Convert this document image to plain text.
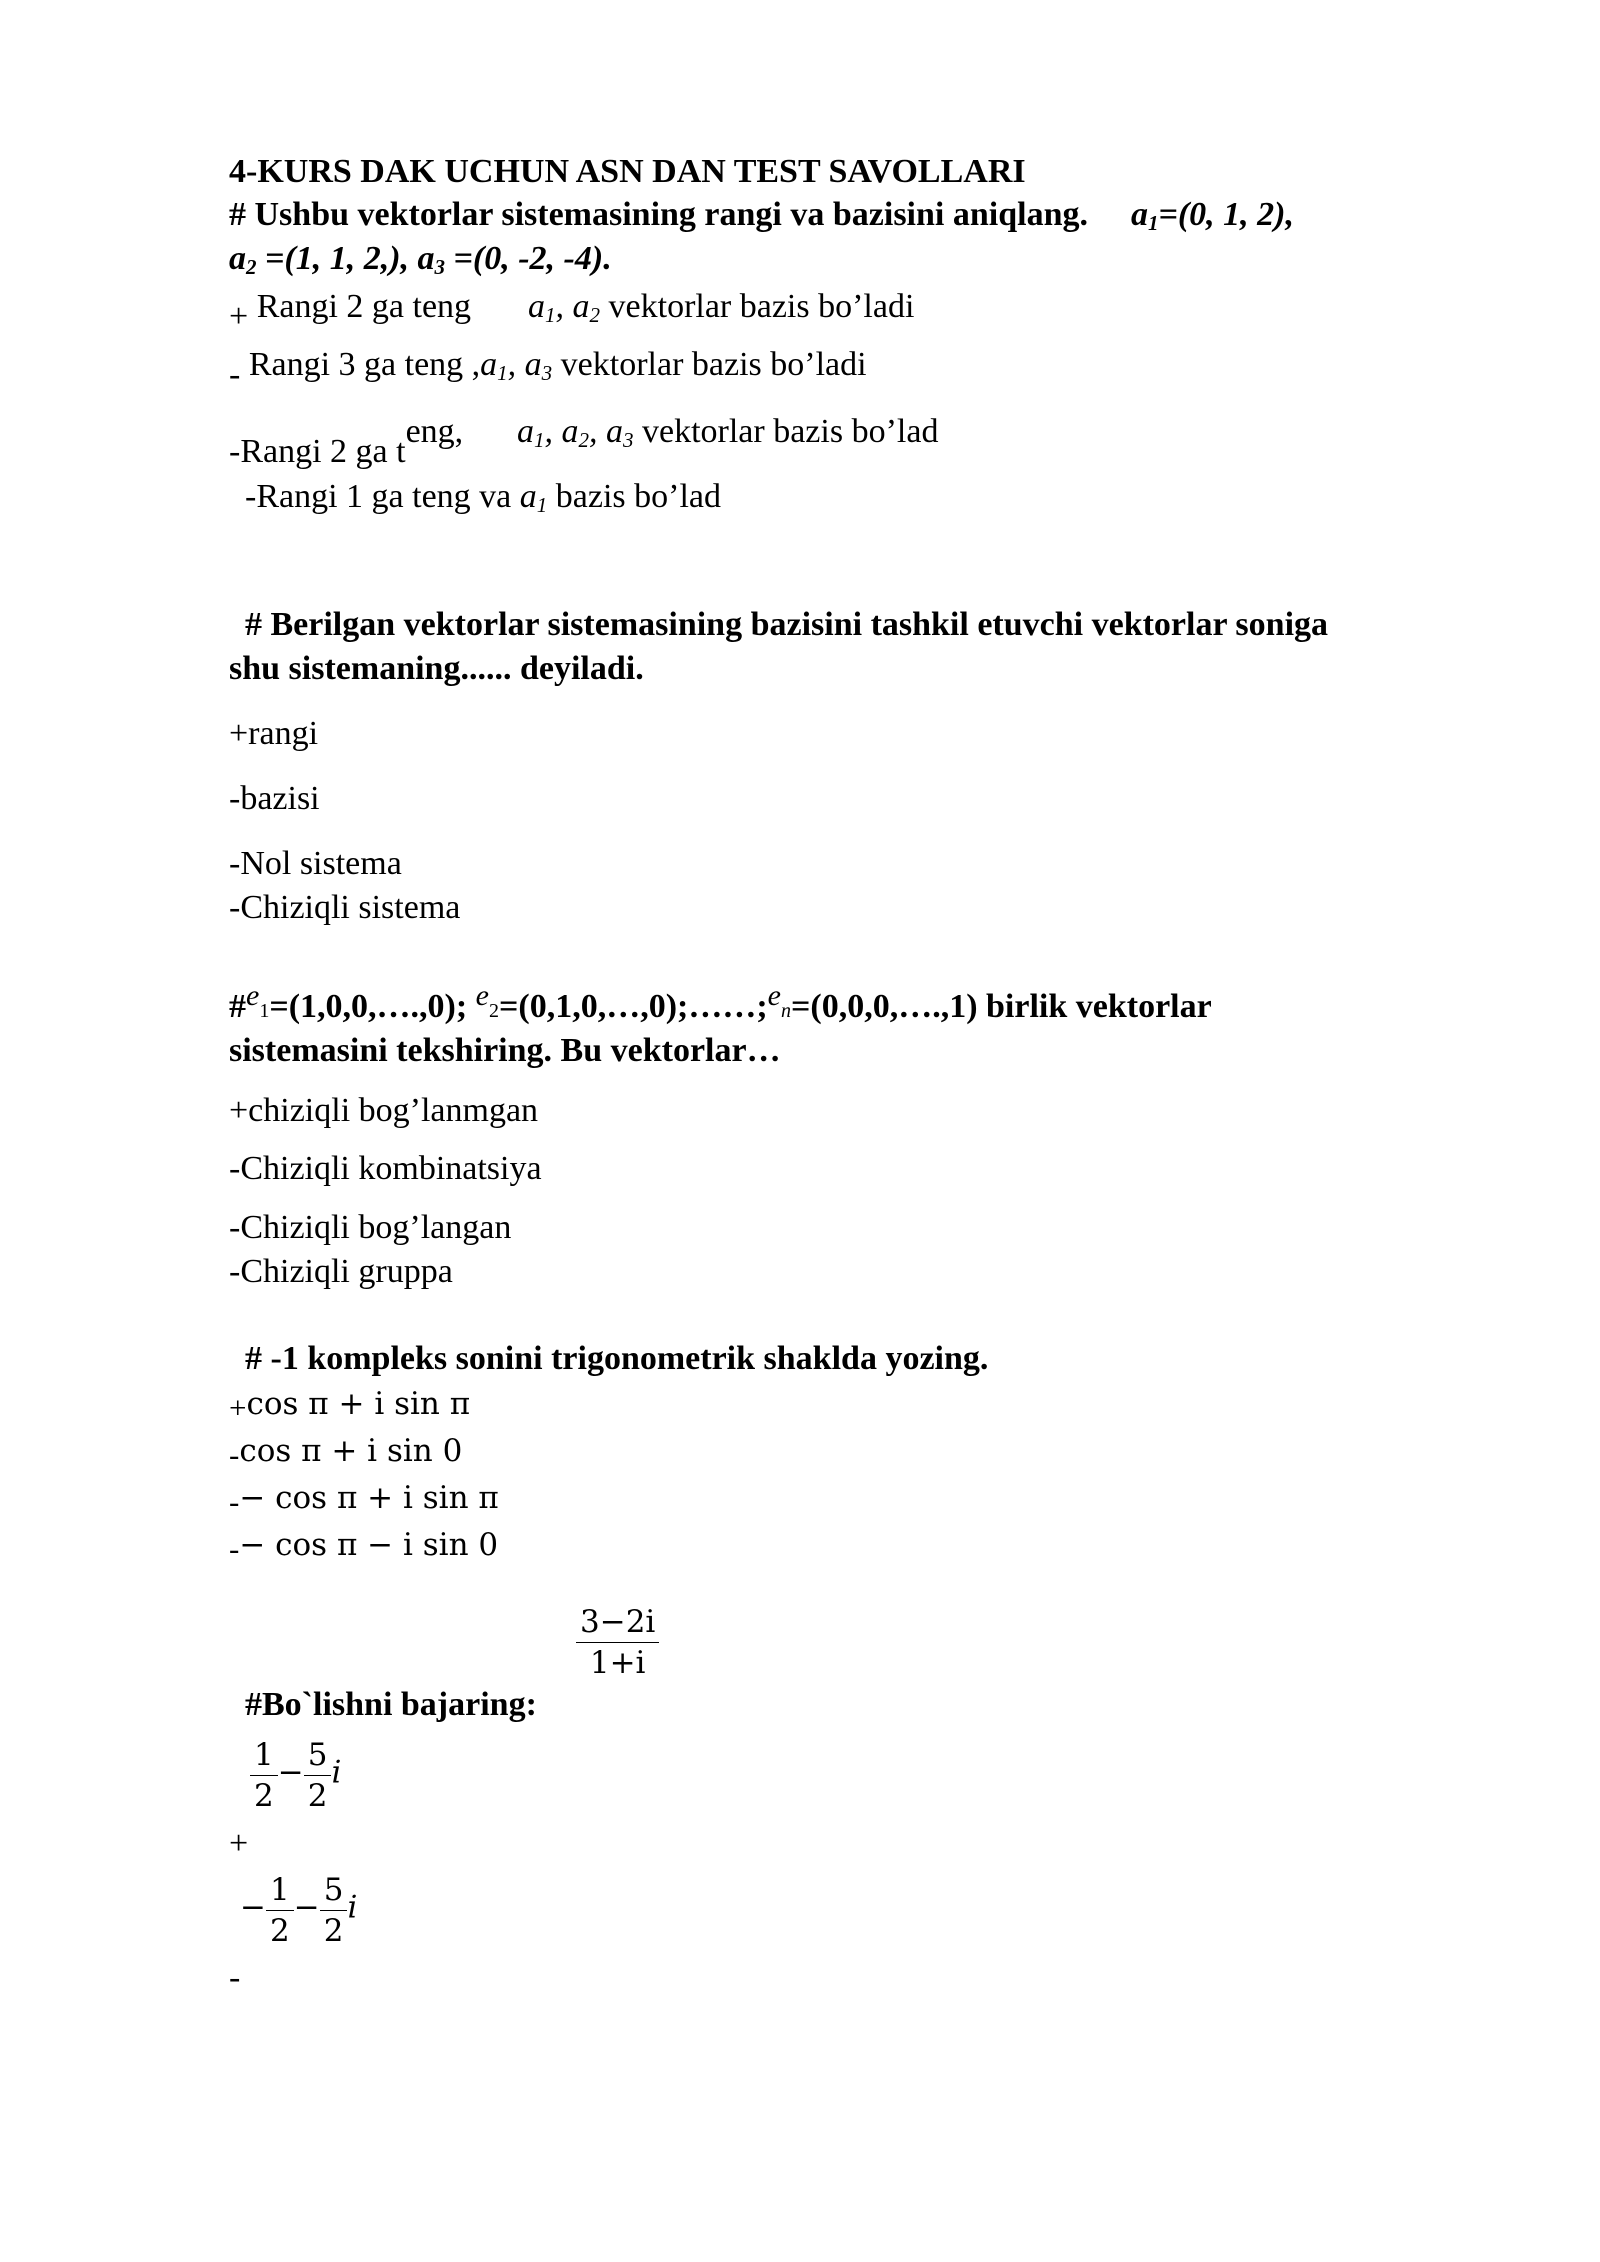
4-KURS DAK UCHUN ASN DAN TEST SAVOLLARI
# Ushbu vektorlar sistemasining rangi va bazisini aniqlang. $a_1=(0$, 1, 2),
$a_2 =(1$, 1, 2,), $a_3 =(0$, -2, -4).
+ Rangi 2 ga teng $a_1$, $a_2$ vektorlar bazis bo’ladi
- Rangi 3 ga teng $,a_1$, $a_3$ vektorlar bazis bo’ladi
-Rangi 2 ga teng, $a_1$, $a_2$, $a_3$ vektorlar bazis bo’lad
-Rangi 1 ga teng va $a_1$ bazis bo’lad
# Berilgan vektorlar sistemasining bazisini tashkil etuvchi vektorlar soniga
shu sistemaning...... deyiladi.
+rangi
-bazisi
-Nol sistema
-Chiziqli sistema
#e1=(1,0,0,….,0); e2=(0,1,0,…,0);……;en=(0,0,0,….,1) birlik vektorlar
sistemasini tekshiring. Bu vektorlar…
+chiziqli bog’lanmgan
-Chiziqli kombinatsiya
-Chiziqli bog’langan
-Chiziqli gruppa
# -1 kompleks sonini trigonometrik shaklda yozing.
+cos π + i sin π
-cos π + i sin 0
-− cos π + i sin π
-− cos π − i sin 0
$\frac{3-2i}{1+i}$
#Bo`lishni bajaring:
$\frac{1}{2} - \frac{5}{2}$ i
+
− $\frac{1}{2} - \frac{5}{2}$ i
-
